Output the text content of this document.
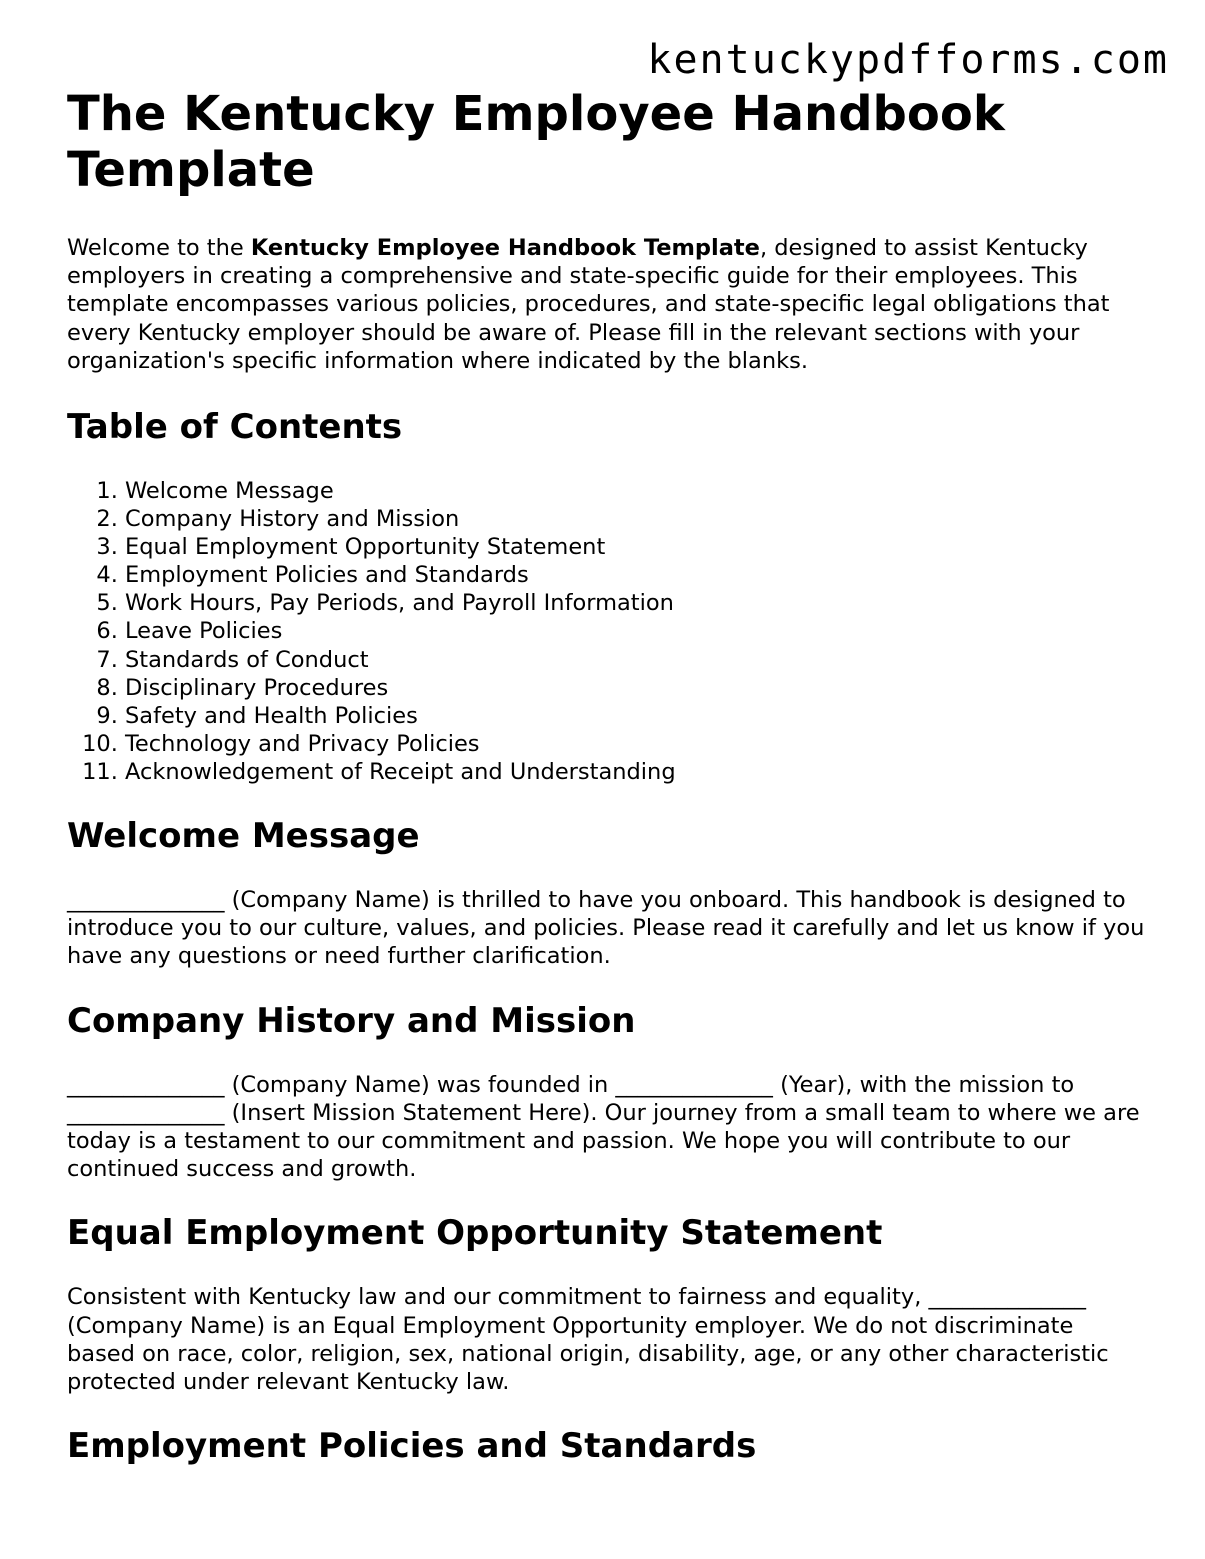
kentuckypdfforms.com
The Kentucky Employee Handbook Template

Welcome to the Kentucky Employee Handbook Template, designed to assist Kentucky employers in creating a comprehensive and state-specific guide for their employees. This template encompasses various policies, procedures, and state-specific legal obligations that every Kentucky employer should be aware of. Please fill in the relevant sections with your organization's specific information where indicated by the blanks.

Table of Contents
1. Welcome Message
2. Company History and Mission
3. Equal Employment Opportunity Statement
4. Employment Policies and Standards
5. Work Hours, Pay Periods, and Payroll Information
6. Leave Policies
7. Standards of Conduct
8. Disciplinary Procedures
9. Safety and Health Policies
10. Technology and Privacy Policies
11. Acknowledgement of Receipt and Understanding
Welcome Message

______________ (Company Name) is thrilled to have you onboard. This handbook is designed to introduce you to our culture, values, and policies. Please read it carefully and let us know if you have any questions or need further clarification.

Company History and Mission

______________ (Company Name) was founded in ______________ (Year), with the mission to ______________ (Insert Mission Statement Here). Our journey from a small team to where we are today is a testament to our commitment and passion. We hope you will contribute to our continued success and growth.

Equal Employment Opportunity Statement

Consistent with Kentucky law and our commitment to fairness and equality, ______________ (Company Name) is an Equal Employment Opportunity employer. We do not discriminate based on race, color, religion, sex, national origin, disability, age, or any other characteristic protected under relevant Kentucky law.

Employment Policies and Standards
